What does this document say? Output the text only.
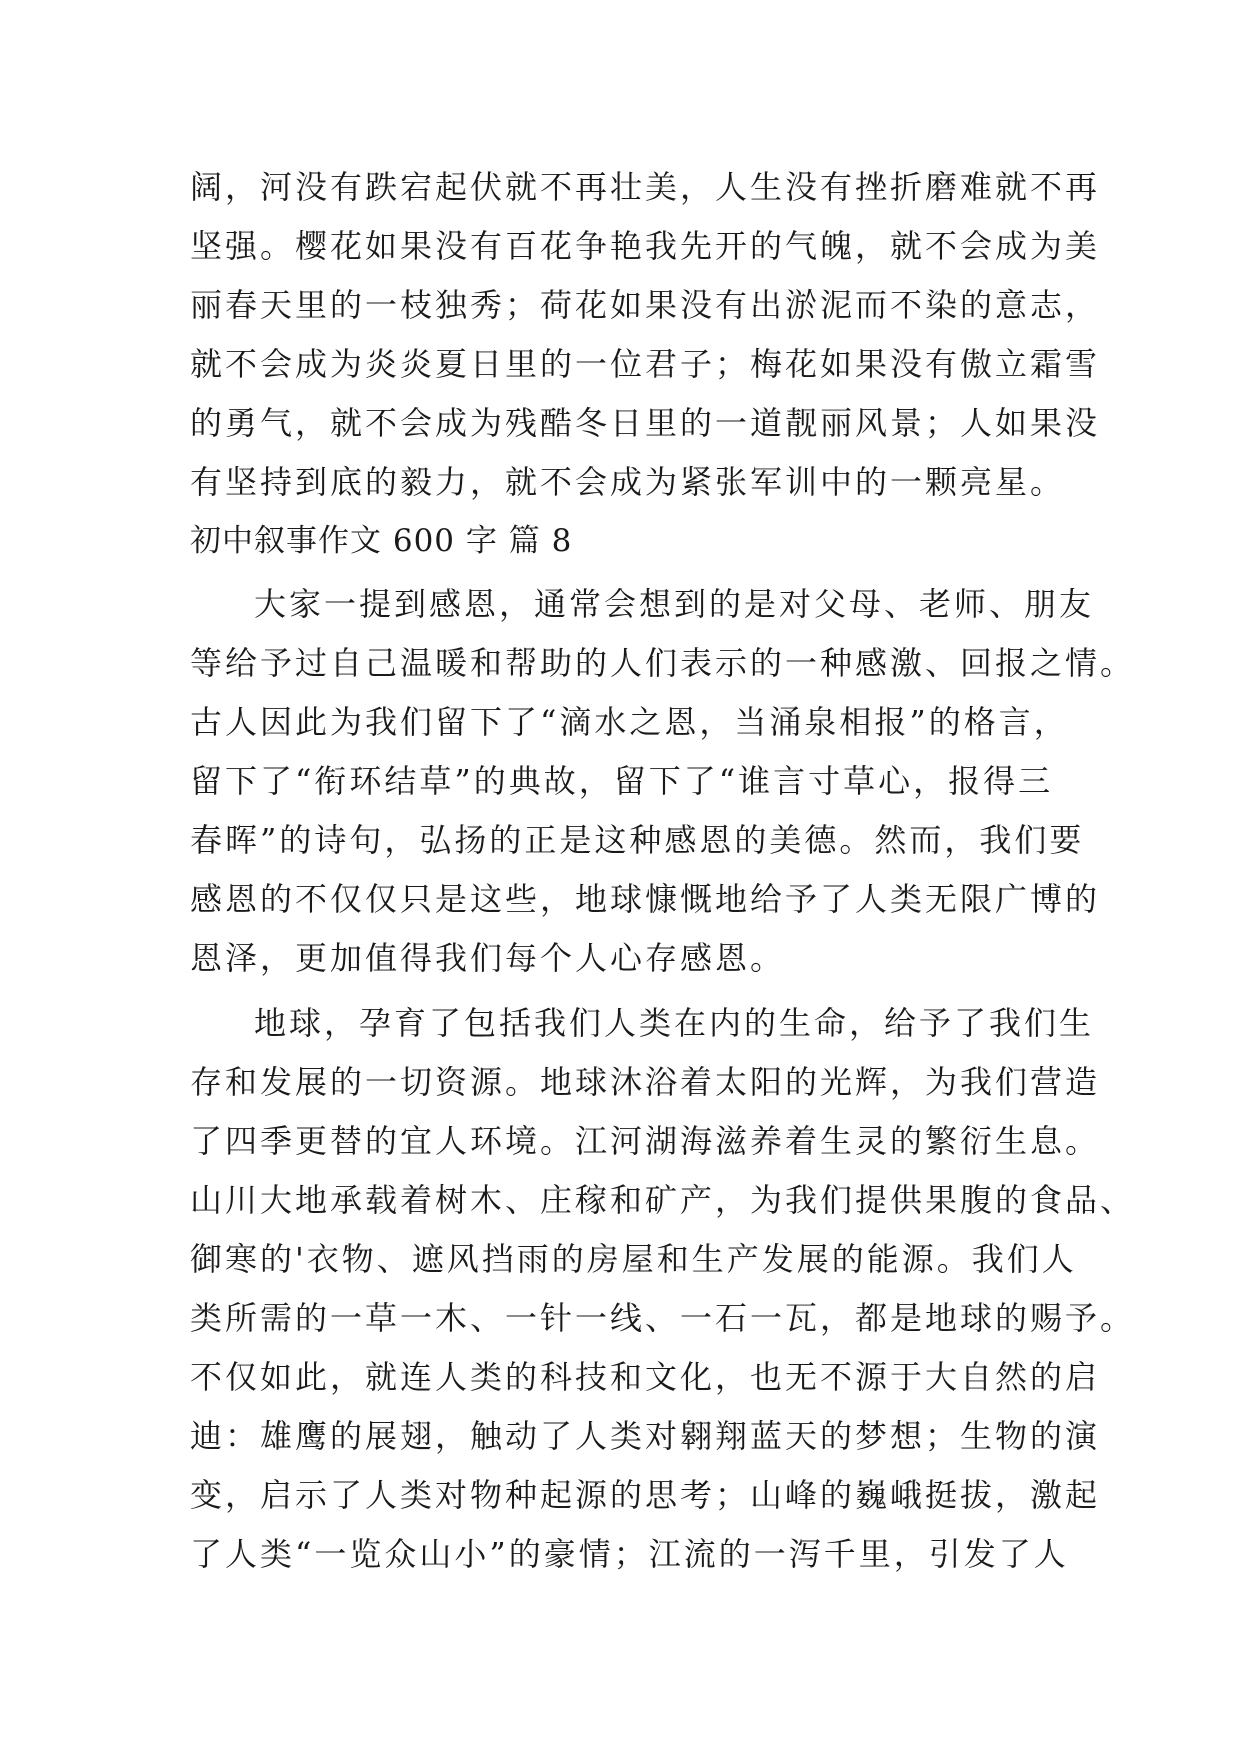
阔，河没有跌宕起伏就不再壮美，人生没有挫折磨难就不再
坚强。樱花如果没有百花争艳我先开的气魄，就不会成为美
丽春天里的一枝独秀；荷花如果没有出淤泥而不染的意志，
就不会成为炎炎夏日里的一位君子；梅花如果没有傲立霜雪
的勇气，就不会成为残酷冬日里的一道靓丽风景；人如果没
有坚持到底的毅力，就不会成为紧张军训中的一颗亮星。
初中叙事作文 600 字 篇 8
大家一提到感恩，通常会想到的是对父母、老师、朋友
等给予过自己温暖和帮助的人们表示的一种感激、回报之情。
古人因此为我们留下了“滴水之恩，当涌泉相报”的格言，
留下了“衔环结草”的典故，留下了“谁言寸草心，报得三
春晖”的诗句，弘扬的正是这种感恩的美德。然而，我们要
感恩的不仅仅只是这些，地球慷慨地给予了人类无限广博的
恩泽，更加值得我们每个人心存感恩。
地球，孕育了包括我们人类在内的生命，给予了我们生
存和发展的一切资源。地球沐浴着太阳的光辉，为我们营造
了四季更替的宜人环境。江河湖海滋养着生灵的繁衍生息。
山川大地承载着树木、庄稼和矿产，为我们提供果腹的食品、
御寒的'衣物、遮风挡雨的房屋和生产发展的能源。我们人
类所需的一草一木、一针一线、一石一瓦，都是地球的赐予。
不仅如此，就连人类的科技和文化，也无不源于大自然的启
迪：雄鹰的展翅，触动了人类对翱翔蓝天的梦想；生物的演
变，启示了人类对物种起源的思考；山峰的巍峨挺拔，激起
了人类“一览众山小”的豪情；江流的一泻千里，引发了人
